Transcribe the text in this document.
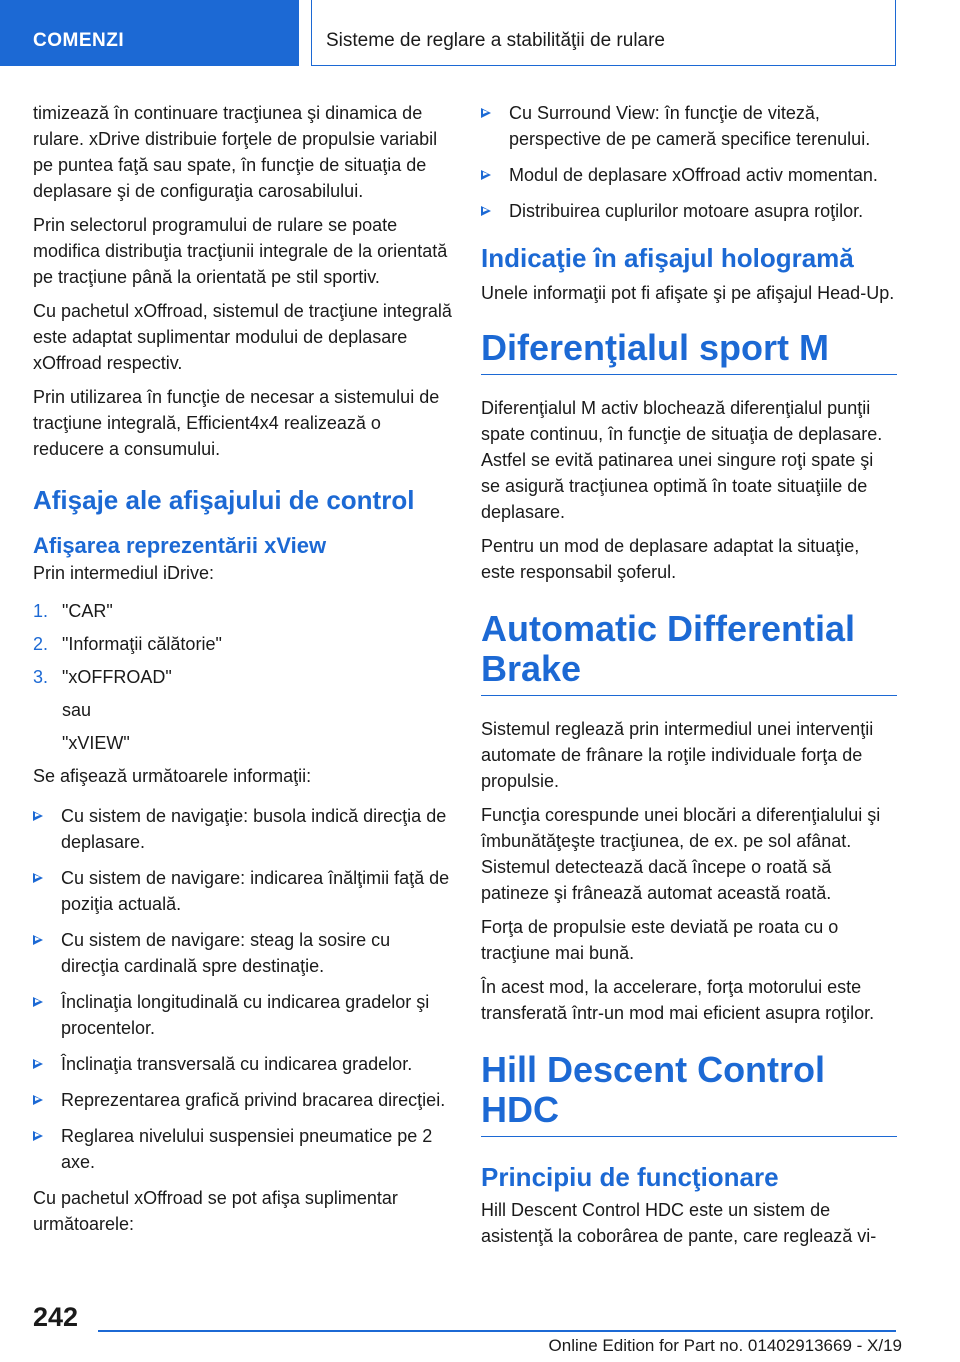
COMENZI	Sisteme de reglare a stabilităţii de rulare

timizează în continuare tracţiunea şi dinamica de rulare. xDrive distribuie forţele de propulsie variabil pe puntea faţă sau spate, în funcţie de situaţia de deplasare şi de configuraţia carosabilului.

Prin selectorul programului de rulare se poate modifica distribuţia tracţiunii integrale de la orientată pe tracţiune până la orientată pe stil sportiv.

Cu pachetul xOffroad, sistemul de tracţiune integrală este adaptat suplimentar modului de deplasare xOffroad respectiv.

Prin utilizarea în funcţie de necesar a sistemului de tracţiune integrală, Efficient4x4 realizează o reducere a consumului.

Afişaje ale afişajului de control
Afişarea reprezentării xView

Prin intermediul iDrive:

1. "CAR"
2. "Informaţii călătorie"
3. "xOFFROAD"
sau
"xVIEW"

Se afişează următoarele informaţii:

Cu sistem de navigaţie: busola indică direcţia de deplasare.
Cu sistem de navigare: indicarea înălţimii faţă de poziţia actuală.
Cu sistem de navigare: steag la sosire cu direcţia cardinală spre destinaţie.
Înclinaţia longitudinală cu indicarea gradelor şi procentelor.
Înclinaţia transversală cu indicarea gradelor.
Reprezentarea grafică privind bracarea direcţiei.
Reglarea nivelului suspensiei pneumatice pe 2 axe.

Cu pachetul xOffroad se pot afişa suplimentar următoarele:

Cu Surround View: în funcţie de viteză, perspective de pe cameră specifice terenului.
Modul de deplasare xOffroad activ momentan.
Distribuirea cuplurilor motoare asupra roţilor.
Indicaţie în afişajul hologramă

Unele informaţii pot fi afişate şi pe afişajul Head-Up.

Diferenţialul sport M

Diferenţialul M activ blochează diferenţialul punţii spate continuu, în funcţie de situaţia de deplasare. Astfel se evită patinarea unei singure roţi spate şi se asigură tracţiunea optimă în toate situaţiile de deplasare.

Pentru un mod de deplasare adaptat la situaţie, este responsabil şoferul.

Automatic Differential Brake

Sistemul reglează prin intermediul unei intervenţii automate de frânare la roţile individuale forţa de propulsie.

Funcţia corespunde unei blocări a diferenţialului şi îmbunătăţeşte tracţiunea, de ex. pe sol afânat. Sistemul detectează dacă începe o roată să patineze şi frânează automat această roată.

Forţa de propulsie este deviată pe roata cu o tracţiune mai bună.

În acest mod, la accelerare, forţa motorului este transferată într-un mod mai eficient asupra roţilor.

Hill Descent Control HDC
Principiu de funcţionare

Hill Descent Control HDC este un sistem de asistenţă la coborârea de pante, care reglează vi-

242
Online Edition for Part no. 01402913669 - X/19
